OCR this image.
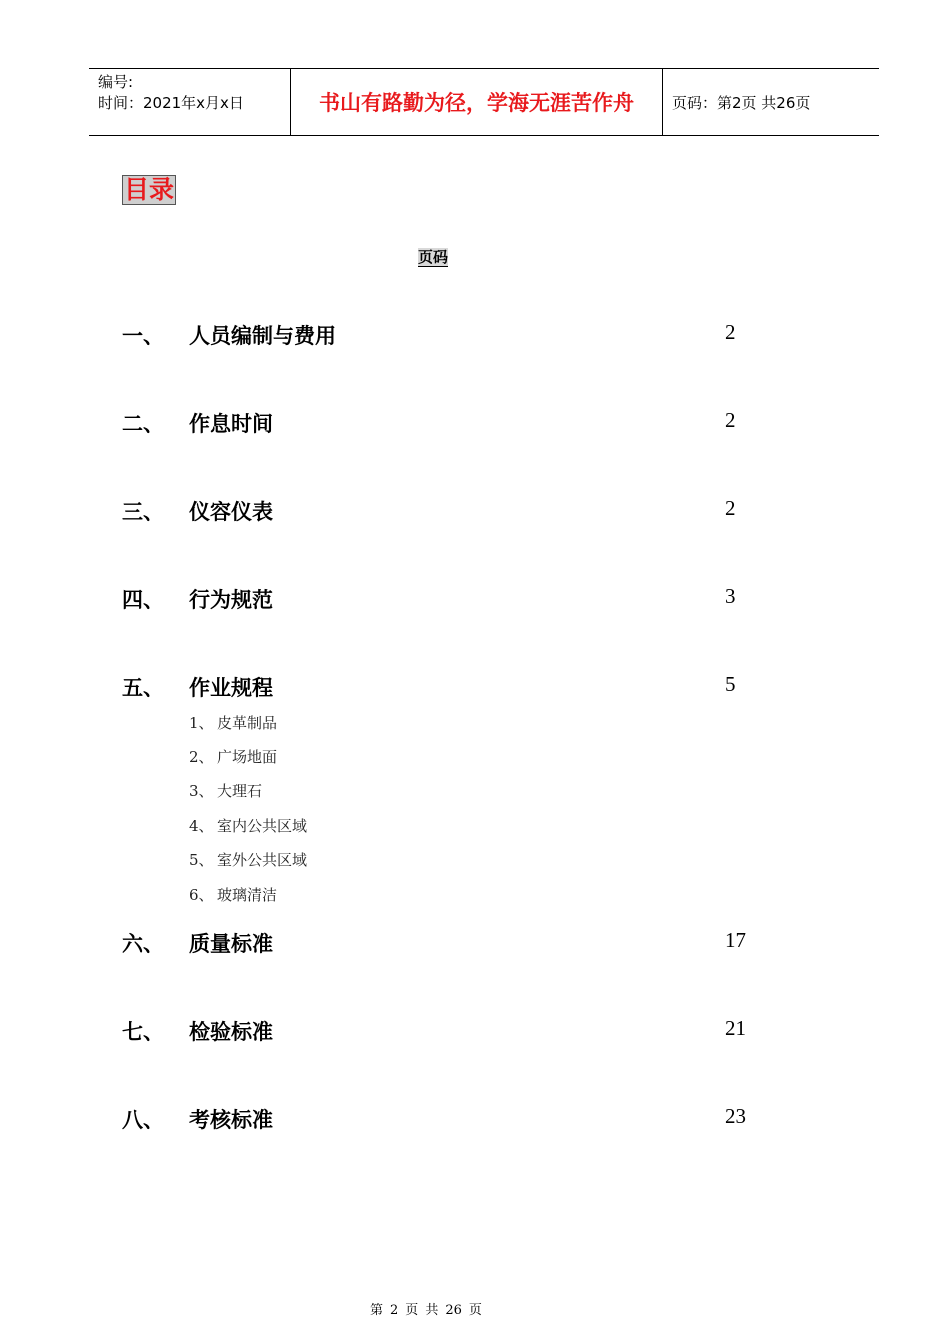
编号:
时间：2021年x月x日	书山有路勤为径，学海无涯苦作舟	页码：第2页 共26页
目录
页码
一、 人员编制与费用	2
二、 作息时间	2
三、 仪容仪表	2
四、 行为规范	3
五、 作业规程	5
1、 皮革制品
2、 广场地面
3、 大理石
4、 室内公共区域
5、 室外公共区域
6、 玻璃清洁
六、 质量标准	17
七、 检验标准	21
八、 考核标准	23
第 2 页 共 26 页
